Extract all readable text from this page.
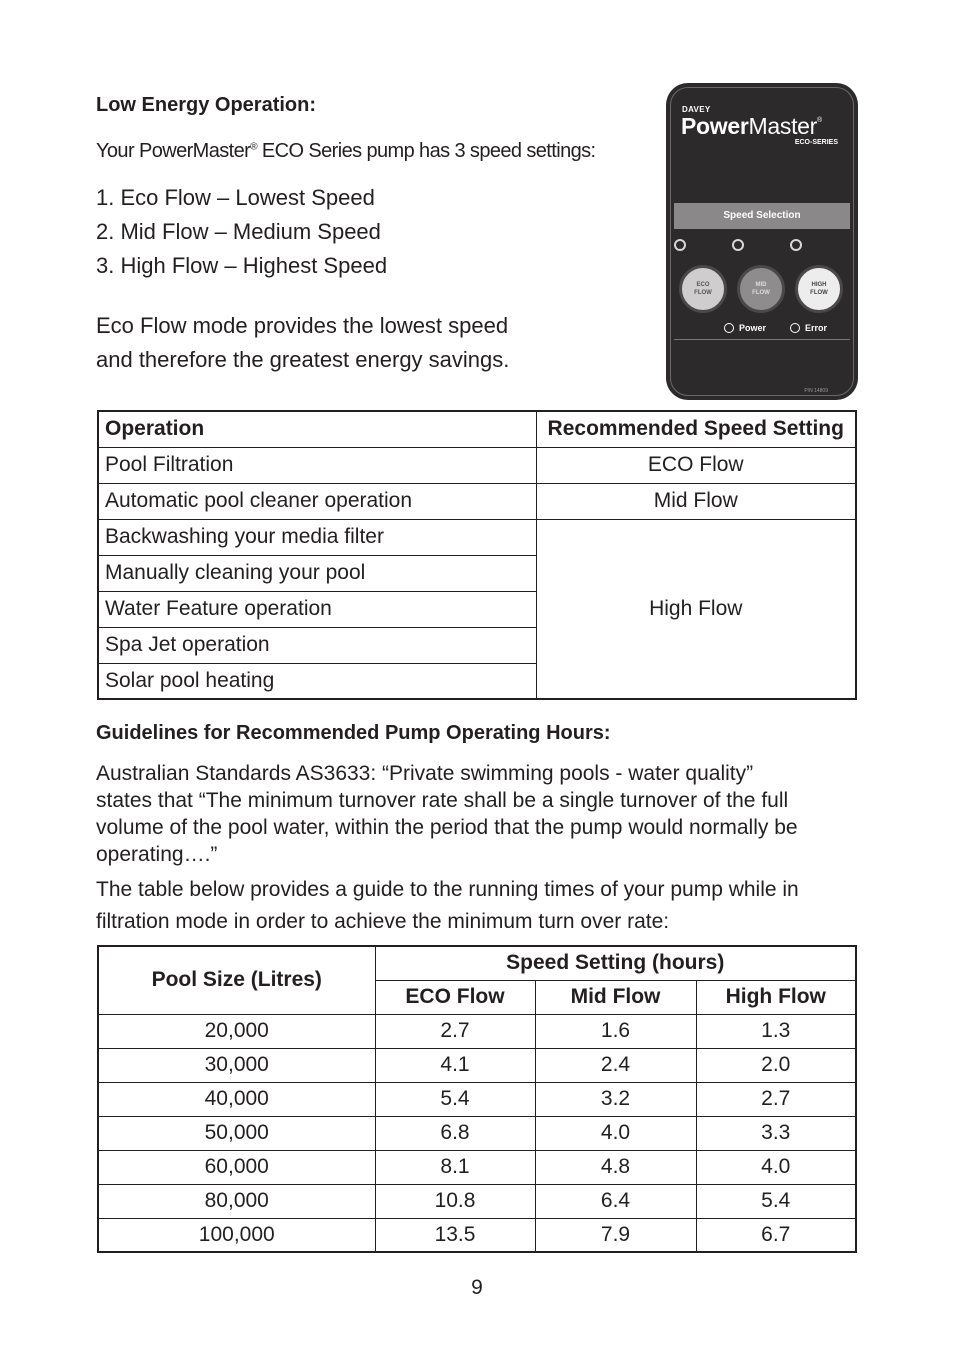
Low Energy Operation:
Your PowerMaster® ECO Series pump has 3 speed settings:
1. Eco Flow – Lowest Speed
2. Mid Flow – Medium Speed
3. High Flow – Highest Speed
Eco Flow mode provides the lowest speed
and therefore the greatest energy savings.
DAVEY
PowerMaster®
ECO-SERIES
Speed Selection
ECO
FLOW
MID
FLOW
HIGH
FLOW
Power	Error
P/N 14809
Operation	Recommended Speed Setting
Pool Filtration	ECO Flow
Automatic pool cleaner operation	Mid Flow
Backwashing your media filter	High Flow
Manually cleaning your pool	
Water Feature operation	
Spa Jet operation	
Solar pool heating	
Guidelines for Recommended Pump Operating Hours:
Australian Standards AS3633: “Private swimming pools - water quality”
states that “The minimum turnover rate shall be a single turnover of the full
volume of the pool water, within the period that the pump would normally be
operating….”
The table below provides a guide to the running times of your pump while in
filtration mode in order to achieve the minimum turn over rate:
Pool Size (Litres)	Speed Setting (hours)		
	ECO Flow	Mid Flow	High Flow
20,000	2.7	1.6	1.3
30,000	4.1	2.4	2.0
40,000	5.4	3.2	2.7
50,000	6.8	4.0	3.3
60,000	8.1	4.8	4.0
80,000	10.8	6.4	5.4
100,000	13.5	7.9	6.7
9
